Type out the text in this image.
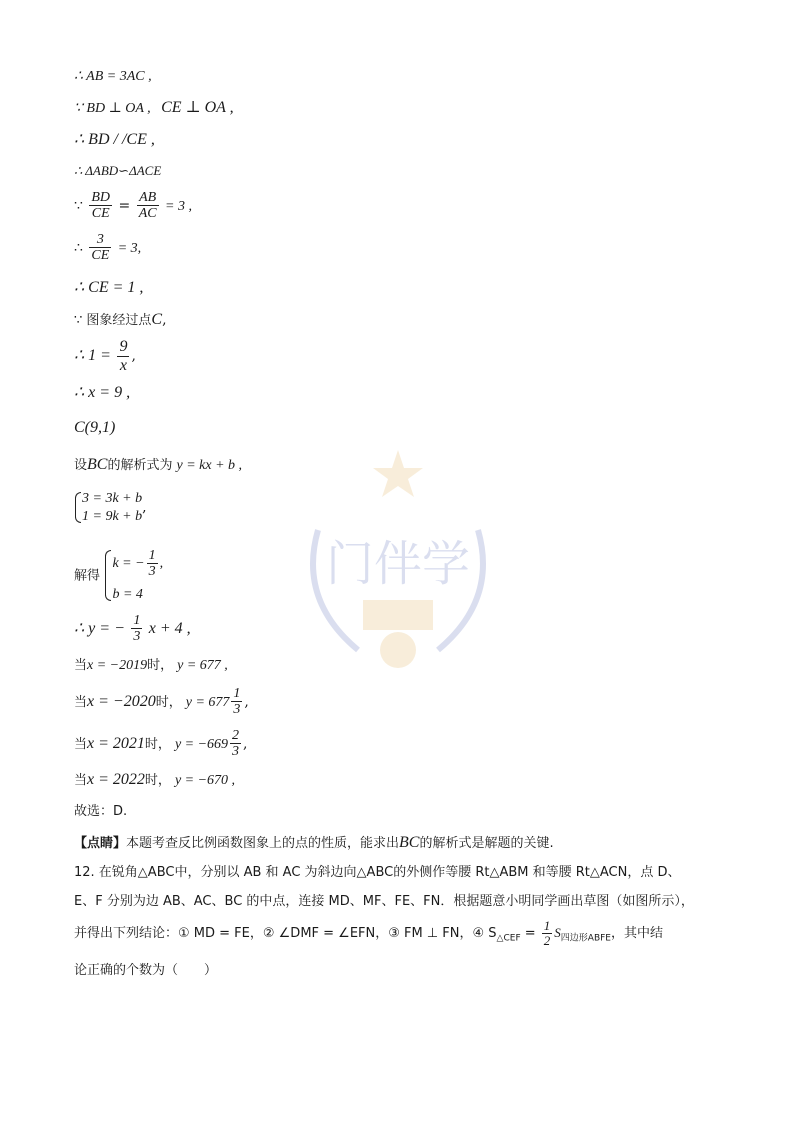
门伴学
∴ AB = 3AC ,
∵ BD ⊥ OA , CE ⊥ OA ,
∴ BD / /CE ,
∴ ΔABD∽ΔACE
∵ $\frac{BD}{CE} = \frac{AB}{AC} = 3$ ,
∴ $\frac{3}{CE} = 3$,
∴ CE = 1 ,
∵ 图象经过点C,
∴ $1 = \frac{9}{x}$ ,
∴ x = 9 ,
C(9,1)
设BC的解析式为 y = kx + b ,
3 = 3k + b
1 = 9k + b
,
解得
k = − $\frac{1}{3}$ ,
b = 4
∴ y = − $\frac{1}{3}$ x + 4 ,
当x = −2019时， y = 677 ,
当x = −2020时， $y = 677 \frac{1}{3}$ ,
当x = 2021时， $y = -669 \frac{2}{3}$ ,
当x = 2022时， y = −670 ,
故选：D.
【点睛】本题考查反比例函数图象上的点的性质，能求出BC的解析式是解题的关键.
12. 在锐角△ABC中，分别以 AB 和 AC 为斜边向△ABC的外侧作等腰 Rt△ABM 和等腰 Rt△ACN，点 D、
E、F 分别为边 AB、AC、BC 的中点，连接 MD、MF、FE、FN．根据题意小明同学画出草图（如图所示），
并得出下列结论：① MD = FE，② ∠DMF = ∠EFN，③ FM ⊥ FN，④ $S_{\triangle CEF} = \frac{1}{2} S_{四边形ABFE}$，其中结
论正确的个数为（　　）
